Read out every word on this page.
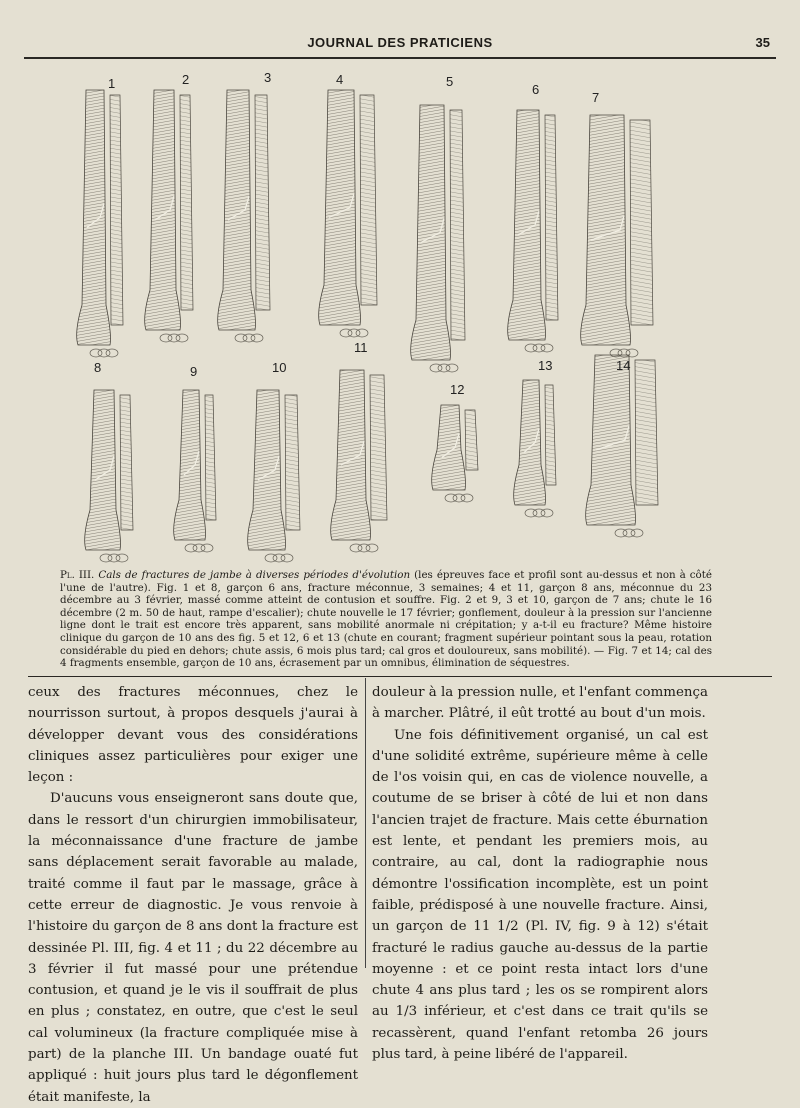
JOURNAL DES PRATICIENS	35
1	2	3	4	5
6
7
8	9	10
11
12
13	14
Pl. III. Cals de fractures de jambe à diverses périodes d'évolution (les épreuves face et profil sont au-dessus et non à côté l'une de l'autre). Fig. 1 et 8, garçon 6 ans, fracture méconnue, 3 semaines; 4 et 11, garçon 8 ans, méconnue du 23 décembre au 3 février, massé comme atteint de contusion et souffre. Fig. 2 et 9, 3 et 10, garçon de 7 ans; chute le 16 décembre (2 m. 50 de haut, rampe d'escalier); chute nouvelle le 17 février; gonflement, douleur à la pression sur l'ancienne ligne dont le trait est encore très apparent, sans mobilité anormale ni crépitation; y a-t-il eu fracture? Même histoire clinique du garçon de 10 ans des fig. 5 et 12, 6 et 13 (chute en courant; fragment supérieur pointant sous la peau, rotation considérable du pied en dehors; chute assis, 6 mois plus tard; cal gros et douloureux, sans mobilité). — Fig. 7 et 14; cal des 4 fragments ensemble, garçon de 10 ans, écrasement par un omnibus, élimination de séquestres.

ceux des fractures méconnues, chez le nourrisson surtout, à propos desquels j'aurai à développer devant vous des considérations cliniques assez particulières pour exiger une leçon :

D'aucuns vous enseigneront sans doute que, dans le ressort d'un chirurgien immobilisateur, la méconnaissance d'une fracture de jambe sans déplacement serait favorable au malade, traité comme il faut par le massage, grâce à cette erreur de diagnostic. Je vous renvoie à l'histoire du garçon de 8 ans dont la fracture est dessinée Pl. III, fig. 4 et 11 ; du 22 décembre au 3 février il fut massé pour une prétendue contusion, et quand je le vis il souffrait de plus en plus ; constatez, en outre, que c'est le seul cal volumineux (la fracture compliquée mise à part) de la planche III. Un bandage ouaté fut appliqué : huit jours plus tard le dégonflement était manifeste, la

douleur à la pression nulle, et l'enfant commença à marcher. Plâtré, il eût trotté au bout d'un mois.

Une fois définitivement organisé, un cal est d'une solidité extrême, supérieure même à celle de l'os voisin qui, en cas de violence nouvelle, a coutume de se briser à côté de lui et non dans l'ancien trajet de fracture. Mais cette éburnation est lente, et pendant les premiers mois, au contraire, au cal, dont la radiographie nous démontre l'ossification incomplète, est un point faible, prédisposé à une nouvelle fracture. Ainsi, un garçon de 11 1/2 (Pl. IV, fig. 9 à 12) s'était fracturé le radius gauche au-dessus de la partie moyenne : et ce point resta intact lors d'une chute 4 ans plus tard ; les os se rompirent alors au 1/3 inférieur, et c'est dans ce trait qu'ils se recassèrent, quand l'enfant retomba 26 jours plus tard, à peine libéré de l'appareil.
